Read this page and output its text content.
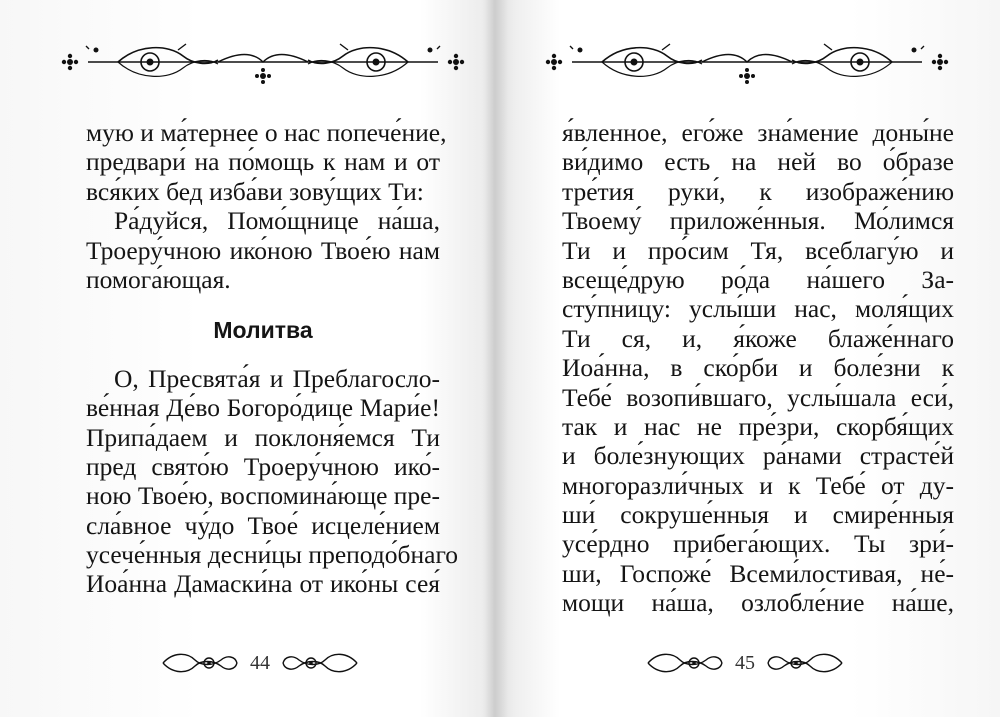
мую и ма́тернее о нас попече́ние,
предвари́ на по́мощь к нам и от
вся́ких бед изба́ви зову́щих Ти:
Ра́дуйся, Помо́щнице на́ша,
Троеру́чною ико́ною Твое́ю нам
помога́ющая.
Молитва
О, Пресвята́я и Преблагосло-
ве́нная Де́во Богоро́дице Мари́е!
Припа́даем и поклоня́емся Ти
пред свято́ю Троеру́чною ико́-
ною Твое́ю, воспомина́юще пре-
сла́вное чу́до Твое́ исцеле́нием
усече́нныя десни́цы преподо́бнаго
Иоа́нна Дамаски́на от ико́ны сея́
44
я́вленное, его́же зна́мение доны́не
ви́димо есть на ней во о́бразе
тре́тия руки́, к изображе́нию
Твоему́ приложе́нныя. Мо́лимся
Ти и про́сим Тя, всеблагу́ю и
всеще́друю ро́да на́шего За-
сту́пницу: услы́ши нас, моля́щих
Ти ся, и, я́коже блаже́ннаго
Иоа́нна, в ско́рби и боле́зни к
Тебе́ возопи́вшаго, услы́шала еси́,
так и нас не пре́зри, скорбя́щих
и боле́знующих ра́нами страсте́й
многоразли́чных и к Тебе́ от ду-
ши́ сокруше́нныя и смире́нныя
усе́рдно прибега́ющих. Ты зри́-
ши, Госпоже́ Всеми́лостивая, не́-
мощи на́ша, озлобле́ние на́ше,
45
